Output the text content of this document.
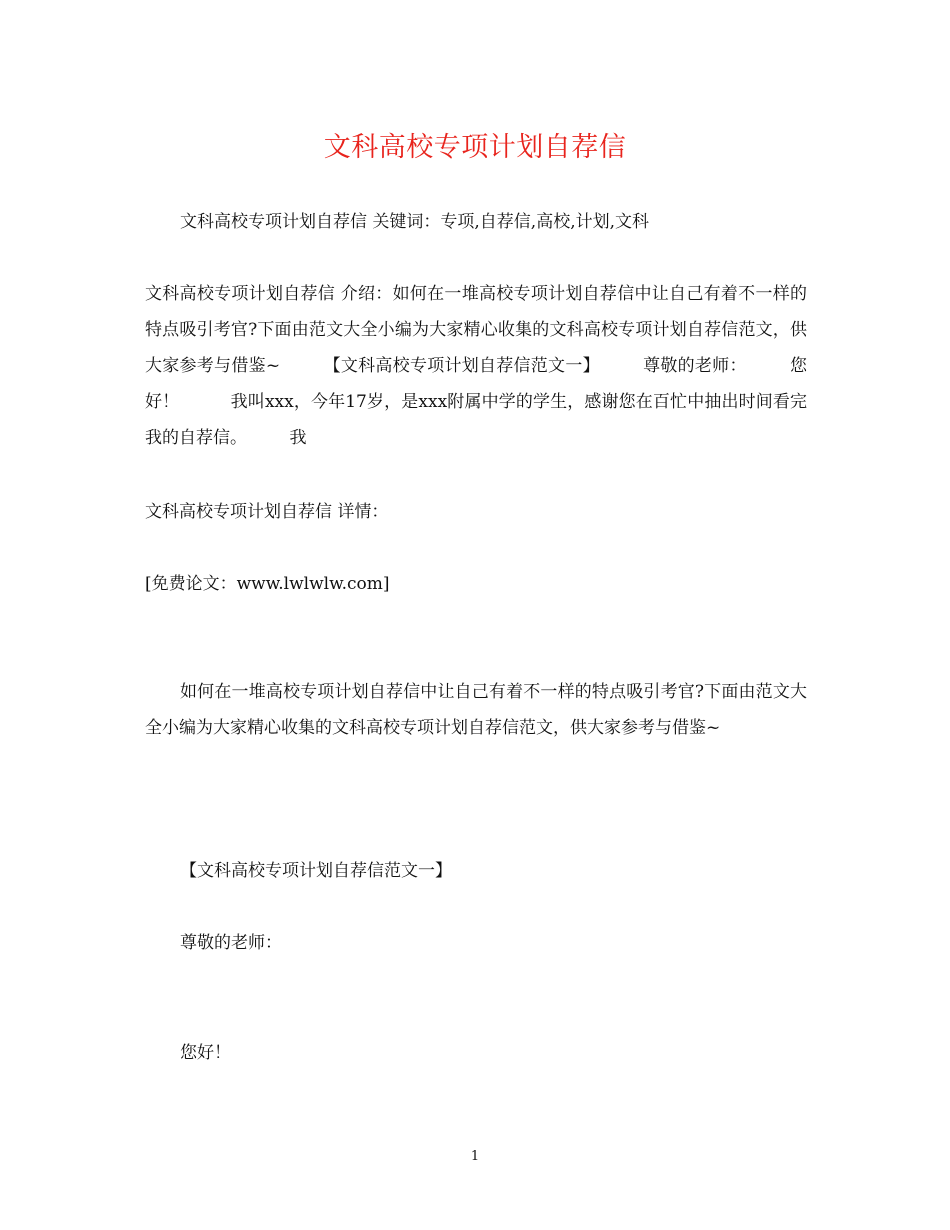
文科高校专项计划自荐信

文科高校专项计划自荐信 关键词：专项,自荐信,高校,计划,文科

文科高校专项计划自荐信 介绍：如何在一堆高校专项计划自荐信中让自己有着不一样的特点吸引考官?下面由范文大全小编为大家精心收集的文科高校专项计划自荐信范文，供大家参考与借鉴~　　　【文科高校专项计划自荐信范文一】　　　尊敬的老师：　　　您好！　　　我叫xxx，今年17岁，是xxx附属中学的学生，感谢您在百忙中抽出时间看完我的自荐信。　　　我

文科高校专项计划自荐信 详情：

[免费论文：www.lwlwlw.com]

如何在一堆高校专项计划自荐信中让自己有着不一样的特点吸引考官?下面由范文大全小编为大家精心收集的文科高校专项计划自荐信范文，供大家参考与借鉴~

【文科高校专项计划自荐信范文一】

尊敬的老师：

您好！

1
